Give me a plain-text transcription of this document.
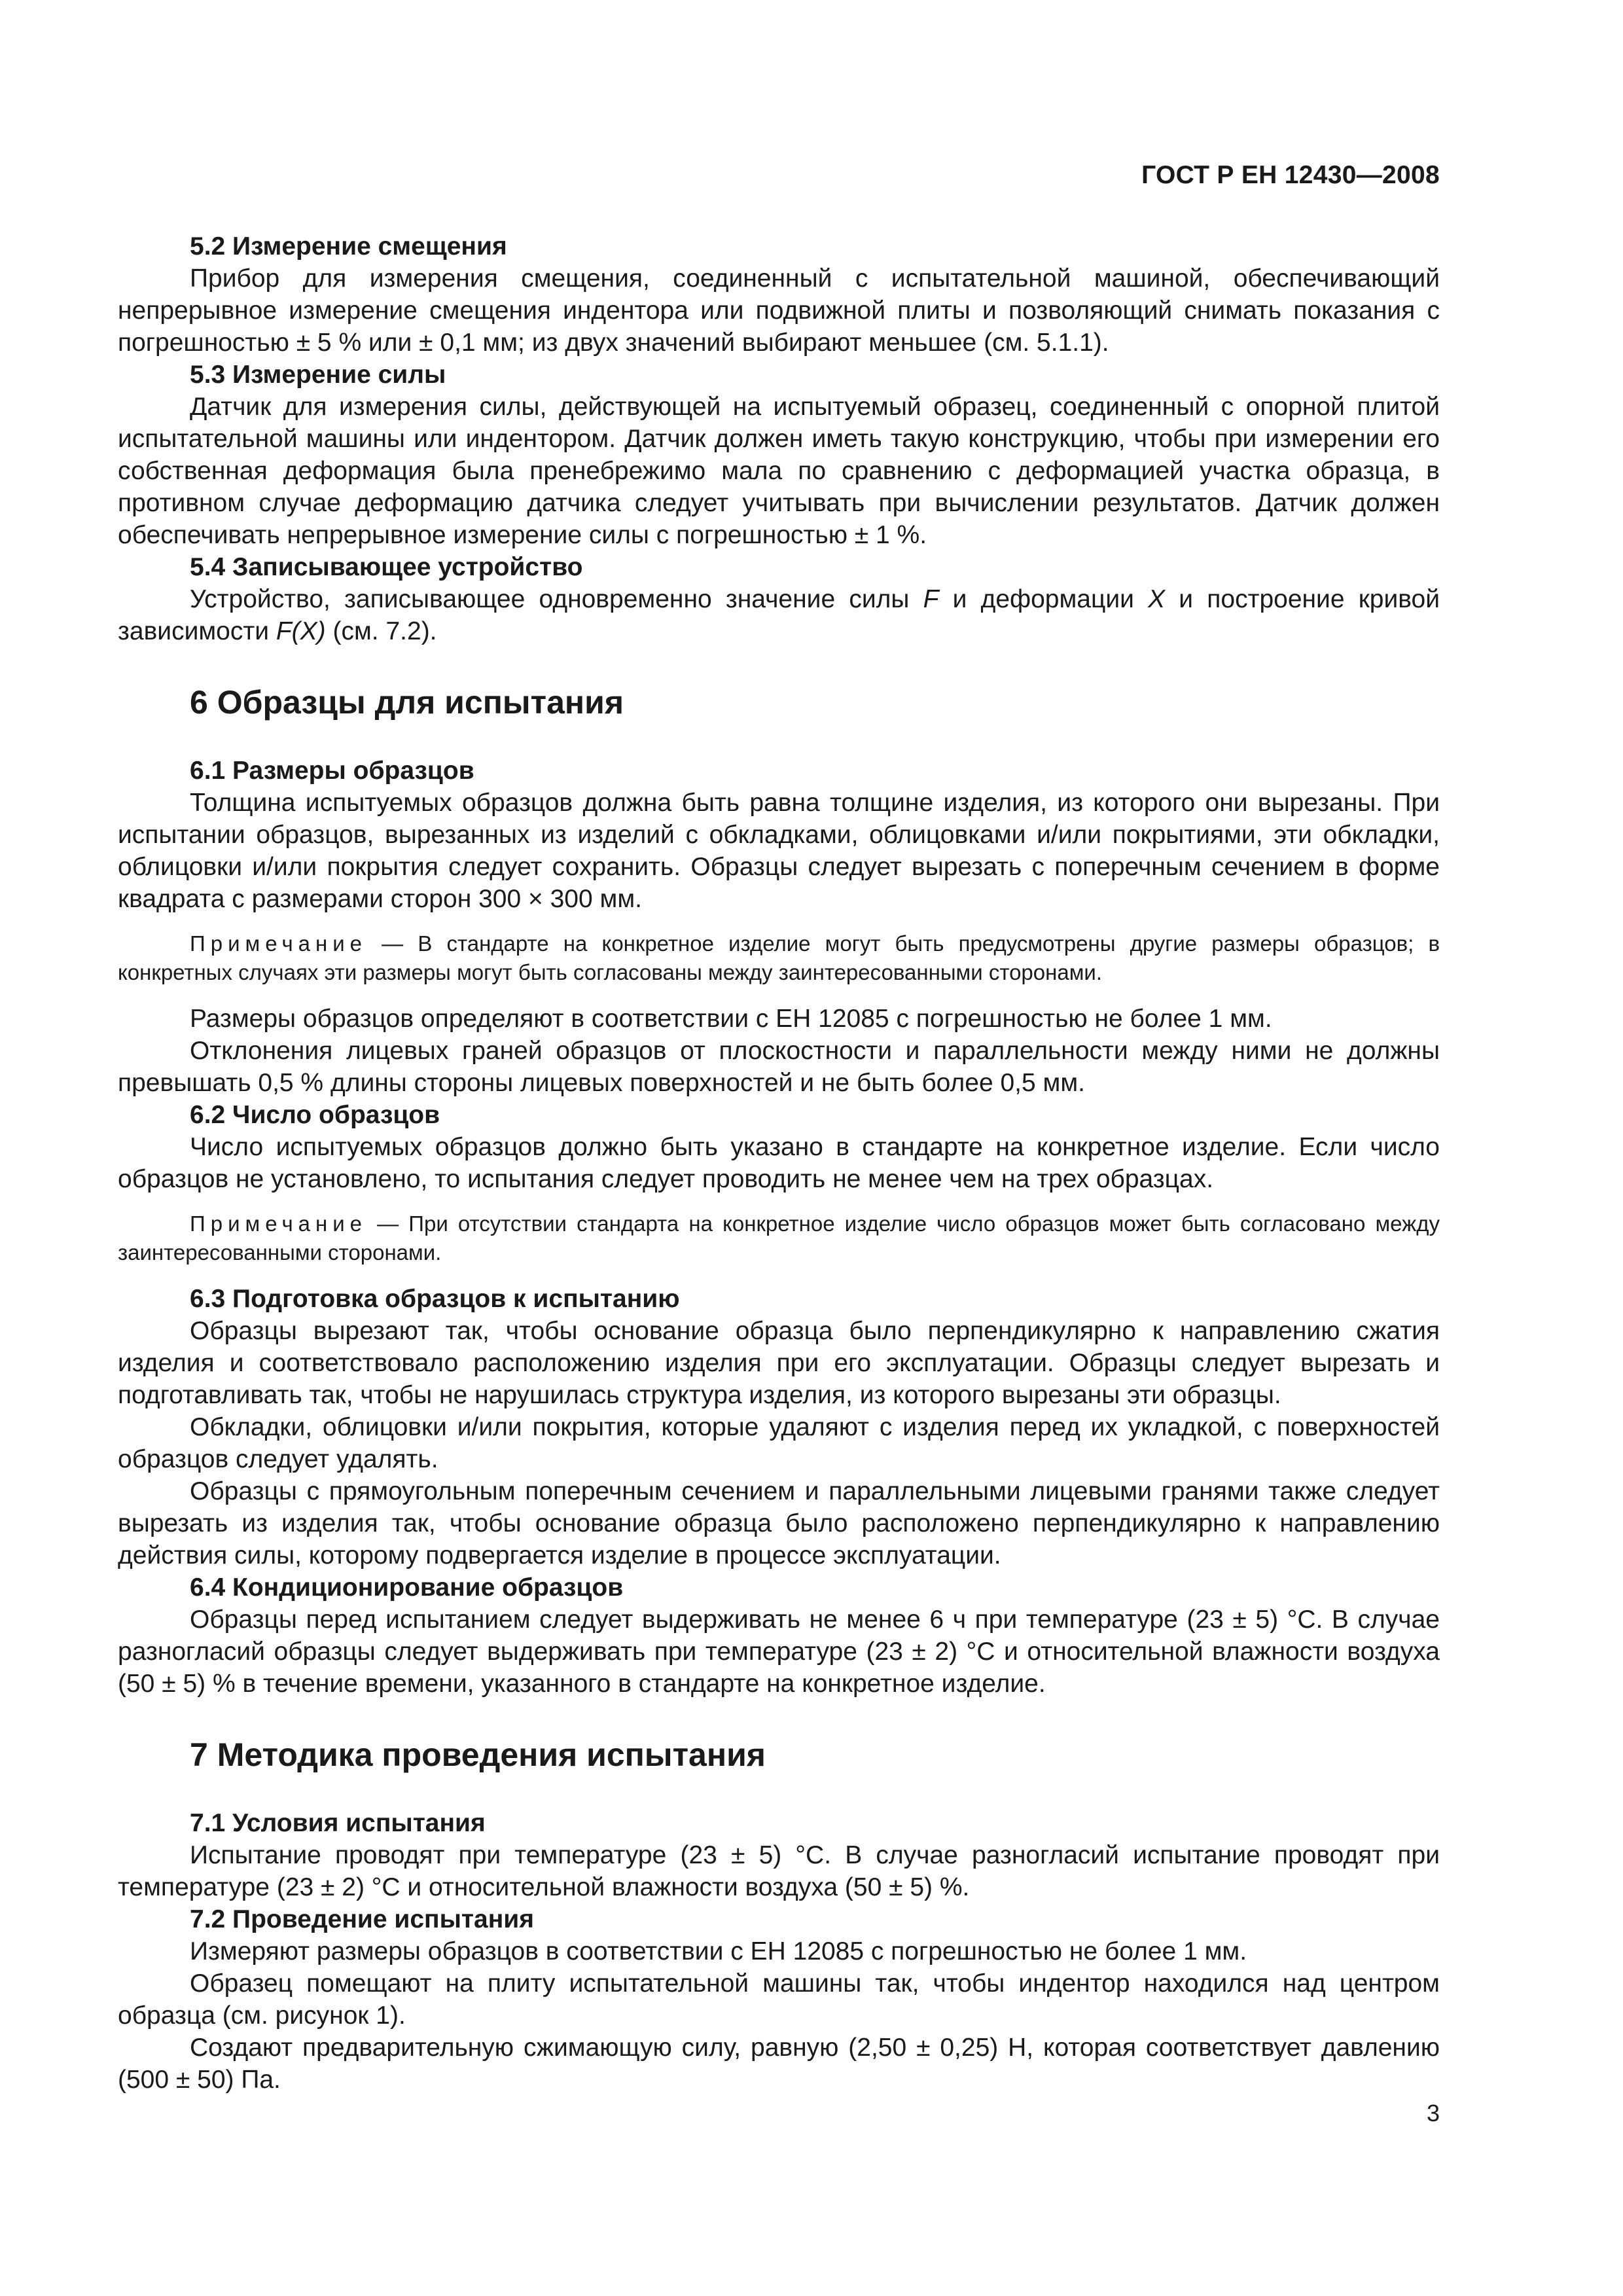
ГОСТ Р ЕН 12430—2008
5.2 Измерение смещения

Прибор для измерения смещения, соединенный с испытательной машиной, обеспечивающий непрерывное измерение смещения индентора или подвижной плиты и позволяющий снимать показания с погрешностью ± 5 % или ± 0,1 мм; из двух значений выбирают меньшее (см. 5.1.1).

5.3 Измерение силы

Датчик для измерения силы, действующей на испытуемый образец, соединенный с опорной плитой испытательной машины или индентором. Датчик должен иметь такую конструкцию, чтобы при измерении его собственная деформация была пренебрежимо мала по сравнению с деформацией участка образца, в противном случае деформацию датчика следует учитывать при вычислении результатов. Датчик должен обеспечивать непрерывное измерение силы с погрешностью ± 1 %.

5.4 Записывающее устройство

Устройство, записывающее одновременно значение силы F и деформации X и построение кривой зависимости F(X) (см. 7.2).

6 Образцы для испытания
6.1 Размеры образцов

Толщина испытуемых образцов должна быть равна толщине изделия, из которого они вырезаны. При испытании образцов, вырезанных из изделий с обкладками, облицовками и/или покрытиями, эти обкладки, облицовки и/или покрытия следует сохранить. Образцы следует вырезать с поперечным сечением в форме квадрата с размерами сторон 300 × 300 мм.

Примечание — В стандарте на конкретное изделие могут быть предусмотрены другие размеры образцов; в конкретных случаях эти размеры могут быть согласованы между заинтересованными сторонами.

Размеры образцов определяют в соответствии с ЕН 12085 с погрешностью не более 1 мм.

Отклонения лицевых граней образцов от плоскостности и параллельности между ними не должны превышать 0,5 % длины стороны лицевых поверхностей и не быть более 0,5 мм.

6.2 Число образцов

Число испытуемых образцов должно быть указано в стандарте на конкретное изделие. Если число образцов не установлено, то испытания следует проводить не менее чем на трех образцах.

Примечание — При отсутствии стандарта на конкретное изделие число образцов может быть согласовано между заинтересованными сторонами.

6.3 Подготовка образцов к испытанию

Образцы вырезают так, чтобы основание образца было перпендикулярно к направлению сжатия изделия и соответствовало расположению изделия при его эксплуатации. Образцы следует вырезать и подготавливать так, чтобы не нарушилась структура изделия, из которого вырезаны эти образцы.

Обкладки, облицовки и/или покрытия, которые удаляют с изделия перед их укладкой, с поверхностей образцов следует удалять.

Образцы с прямоугольным поперечным сечением и параллельными лицевыми гранями также следует вырезать из изделия так, чтобы основание образца было расположено перпендикулярно к направлению действия силы, которому подвергается изделие в процессе эксплуатации.

6.4 Кондиционирование образцов

Образцы перед испытанием следует выдерживать не менее 6 ч при температуре (23 ± 5) °С. В случае разногласий образцы следует выдерживать при температуре (23 ± 2) °С и относительной влажности воздуха (50 ± 5) % в течение времени, указанного в стандарте на конкретное изделие.

7 Методика проведения испытания
7.1 Условия испытания

Испытание проводят при температуре (23 ± 5) °С. В случае разногласий испытание проводят при температуре (23 ± 2) °С и относительной влажности воздуха (50 ± 5) %.

7.2 Проведение испытания

Измеряют размеры образцов в соответствии с ЕН 12085 с погрешностью не более 1 мм.

Образец помещают на плиту испытательной машины так, чтобы индентор находился над центром образца (см. рисунок 1).

Создают предварительную сжимающую силу, равную (2,50 ± 0,25) Н, которая соответствует давлению (500 ± 50) Па.

3
